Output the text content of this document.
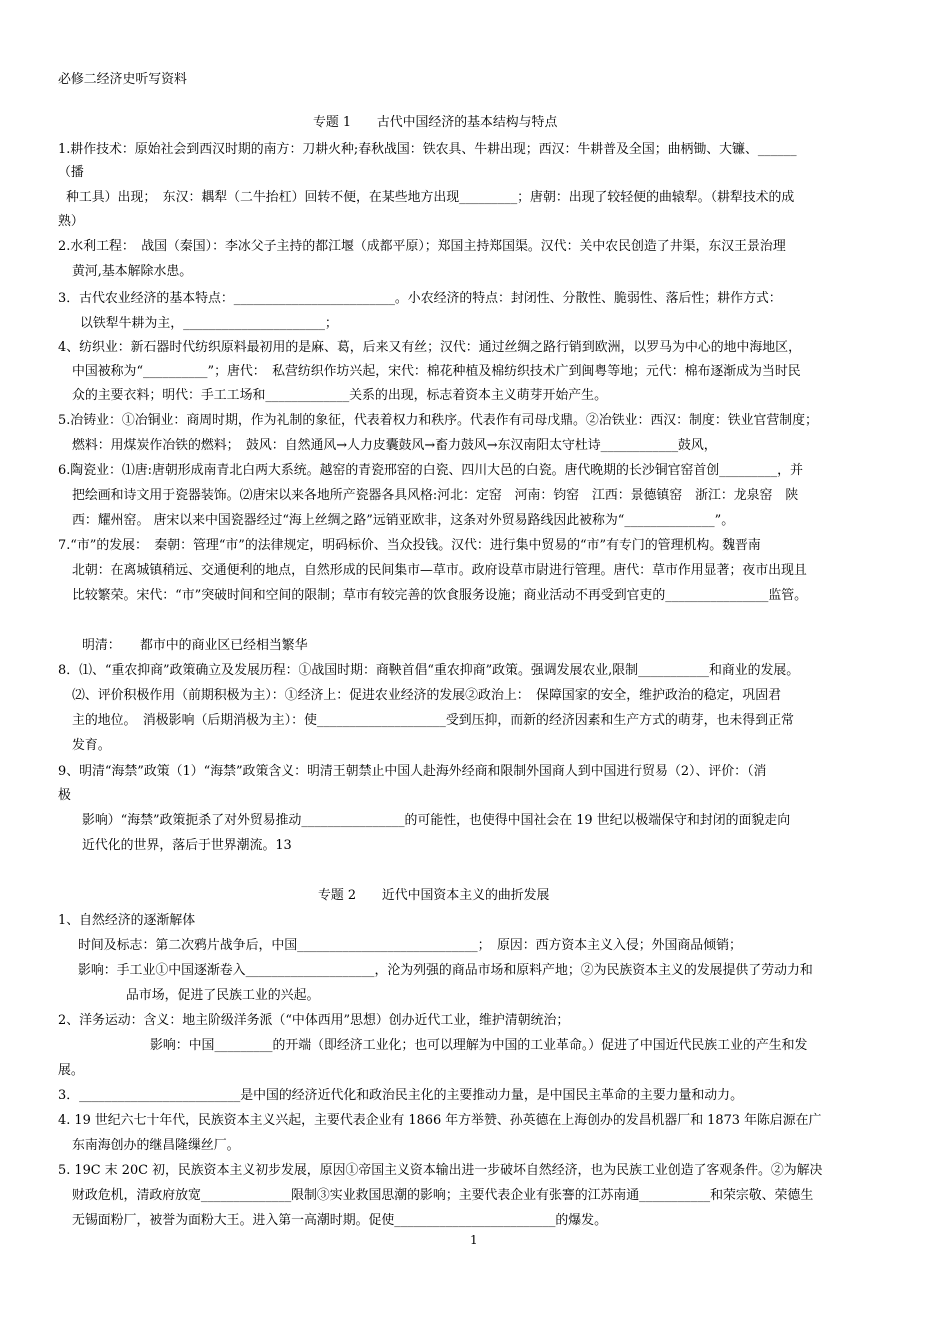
必修二经济史听写资料
专题 1　　古代中国经济的基本结构与特点
1.耕作技术：原始社会到西汉时期的南方：刀耕火种;春秋战国：铁农具、牛耕出现；西汉：牛耕普及全国；曲柄锄、大镰、______
（播
种工具）出现；　东汉：耦犁（二牛抬杠）回转不便，在某些地方出现_________；唐朝：出现了较轻便的曲辕犁。（耕犁技术的成
熟）
2.水利工程：　战国（秦国）：李冰父子主持的都江堰（成都平原）；郑国主持郑国渠。汉代：关中农民创造了井渠，东汉王景治理
黄河,基本解除水患。
3．古代农业经济的基本特点：_________________________。小农经济的特点：封闭性、分散性、脆弱性、落后性；耕作方式：
以铁犁牛耕为主，______________________；
4、纺织业：新石器时代纺织原料最初用的是麻、葛，后来又有丝；汉代：通过丝绸之路行销到欧洲，以罗马为中心的地中海地区，
中国被称为“__________”；唐代：　私营纺织作坊兴起，宋代：棉花种植及棉纺织技术广到闽粤等地；元代：棉布逐渐成为当时民
众的主要衣料；明代：手工工场和_____________关系的出现，标志着资本主义萌芽开始产生。
5.冶铸业：①冶铜业：商周时期，作为礼制的象征，代表着权力和秩序。代表作有司母戊鼎。②冶铁业：西汉：制度：铁业官营制度；
燃料：用煤炭作冶铁的燃料；　鼓风：自然通风→人力皮囊鼓风→畜力鼓风→东汉南阳太守杜诗____________鼓风，
6.陶瓷业：⑴唐:唐朝形成南青北白两大系统。越窑的青瓷邢窑的白瓷、四川大邑的白瓷。唐代晚期的长沙铜官窑首创_________，并
把绘画和诗文用于瓷器装饰。⑵唐宋以来各地所产瓷器各具风格:河北：定窑　河南：钧窑　江西：景德镇窑　浙江：龙泉窑　陕
西：耀州窑。 唐宋以来中国瓷器经过“海上丝绸之路”远销亚欧非，这条对外贸易路线因此被称为“______________”。
7.“市”的发展：　秦朝：管理“市”的法律规定，明码标价、当众投钱。汉代：进行集中贸易的“市”有专门的管理机构。魏晋南
北朝：在离城镇稍远、交通便利的地点，自然形成的民间集市—草市。政府设草市尉进行管理。唐代：草市作用显著；夜市出现且
比较繁荣。宋代：“市”突破时间和空间的限制；草市有较完善的饮食服务设施；商业活动不再受到官吏的________________监管。
明清：　　都市中的商业区已经相当繁华
8．⑴、“重农抑商”政策确立及发展历程：①战国时期：商鞅首倡“重农抑商”政策。强调发展农业,限制___________和商业的发展。
⑵、评价积极作用（前期积极为主）：①经济上：促进农业经济的发展②政治上：　保障国家的安全，维护政治的稳定，巩固君
主的地位。　消极影响（后期消极为主）：使____________________受到压抑，而新的经济因素和生产方式的萌芽，也未得到正常
发育。
9、明清“海禁”政策（1）“海禁”政策含义：明清王朝禁止中国人赴海外经商和限制外国商人到中国进行贸易（2）、评价：（消
极
影响）“海禁”政策扼杀了对外贸易推动________________的可能性，也使得中国社会在 19 世纪以极端保守和封闭的面貌走向
近代化的世界，落后于世界潮流。13
专题 2　　近代中国资本主义的曲折发展
1、自然经济的逐渐解体
时间及标志：第二次鸦片战争后，中国____________________________；　原因：西方资本主义入侵；外国商品倾销；
影响：手工业①中国逐渐卷入____________________，沦为列强的商品市场和原料产地；②为民族资本主义的发展提供了劳动力和
品市场，促进了民族工业的兴起。
2、洋务运动：含义：地主阶级洋务派（“中体西用”思想）创办近代工业，维护清朝统治；
影响：中国_________的开端（即经济工业化；也可以理解为中国的工业革命。）促进了中国近代民族工业的产生和发
展。
3．_________________________是中国的经济近代化和政治民主化的主要推动力量，是中国民主革命的主要力量和动力。
4. 19 世纪六七十年代，民族资本主义兴起，主要代表企业有 1866 年方举赞、孙英德在上海创办的发昌机器厂和 1873 年陈启源在广
东南海创办的继昌隆缫丝厂。
5. 19C 末 20C 初，民族资本主义初步发展，原因①帝国主义资本输出进一步破坏自然经济，也为民族工业创造了客观条件。②为解决
财政危机，清政府放宽______________限制③实业救国思潮的影响；主要代表企业有张謇的江苏南通___________和荣宗敬、荣德生
无锡面粉厂，被誉为面粉大王。进入第一高潮时期。促使_________________________的爆发。
1
